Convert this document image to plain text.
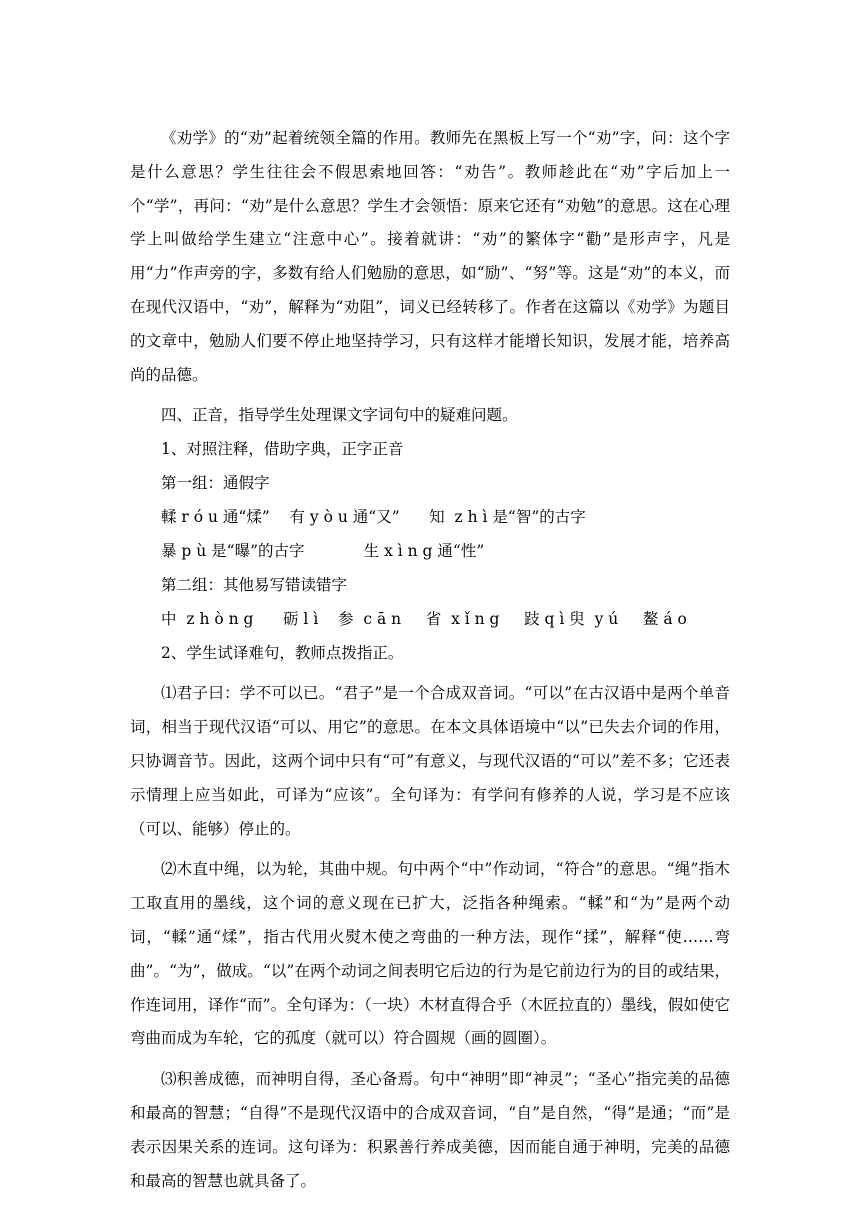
《劝学》的“劝”起着统领全篇的作用。教师先在黑板上写一个“劝”字，问：这个字是什么意思？学生往往会不假思索地回答：“劝告”。教师趁此在“劝”字后加上一个“学”，再问：“劝”是什么意思？学生才会领悟：原来它还有“劝勉”的意思。这在心理学上叫做给学生建立“注意中心”。接着就讲：“劝”的繁体字“勸”是形声字，凡是用“力”作声旁的字，多数有给人们勉励的意思，如“励”、“努”等。这是“劝”的本义，而在现代汉语中，“劝”，解释为“劝阻”，词义已经转移了。作者在这篇以《劝学》为题目的文章中，勉励人们要不停止地坚持学习，只有这样才能增长知识，发展才能，培养高尚的品德。

四、正音，指导学生处理课文字词句中的疑难问题。

1、对照注释，借助字典，正字正音

第一组：通假字

輮 r ó u 通“煣”    有 y ò u 通“又”      知  z h ì 是“智”的古字

暴 p ù 是“曝”的古字            生 x ì n g 通“性”

第二组：其他易写错读错字

中  z h ò n g      砺 l ì    参  c ā n     省  x ǐ n g     跂 q ì 臾  y ú     鳌 á o

2、学生试译难句，教师点拨指正。

⑴君子曰：学不可以已。“君子”是一个合成双音词。“可以”在古汉语中是两个单音词，相当于现代汉语“可以、用它”的意思。在本文具体语境中“以”已失去介词的作用，只协调音节。因此，这两个词中只有“可”有意义，与现代汉语的“可以”差不多；它还表示情理上应当如此，可译为“应该”。全句译为：有学问有修养的人说，学习是不应该（可以、能够）停止的。

⑵木直中绳，以为轮，其曲中规。句中两个“中”作动词，“符合”的意思。“绳”指木工取直用的墨线，这个词的意义现在已扩大，泛指各种绳索。“輮”和“为”是两个动词，“輮”通“煣”，指古代用火熨木使之弯曲的一种方法，现作“揉”，解释“使……弯曲”。“为”，做成。“以”在两个动词之间表明它后边的行为是它前边行为的目的或结果，作连词用，译作“而”。全句译为：（一块）木材直得合乎（木匠拉直的）墨线，假如使它弯曲而成为车轮，它的孤度（就可以）符合圆规（画的圆圈）。

⑶积善成德，而神明自得，圣心备焉。句中“神明”即“神灵”；“圣心”指完美的品德和最高的智慧；“自得”不是现代汉语中的合成双音词，“自”是自然，“得”是通；“而”是表示因果关系的连词。这句译为：积累善行养成美德，因而能自通于神明，完美的品德和最高的智慧也就具备了。
